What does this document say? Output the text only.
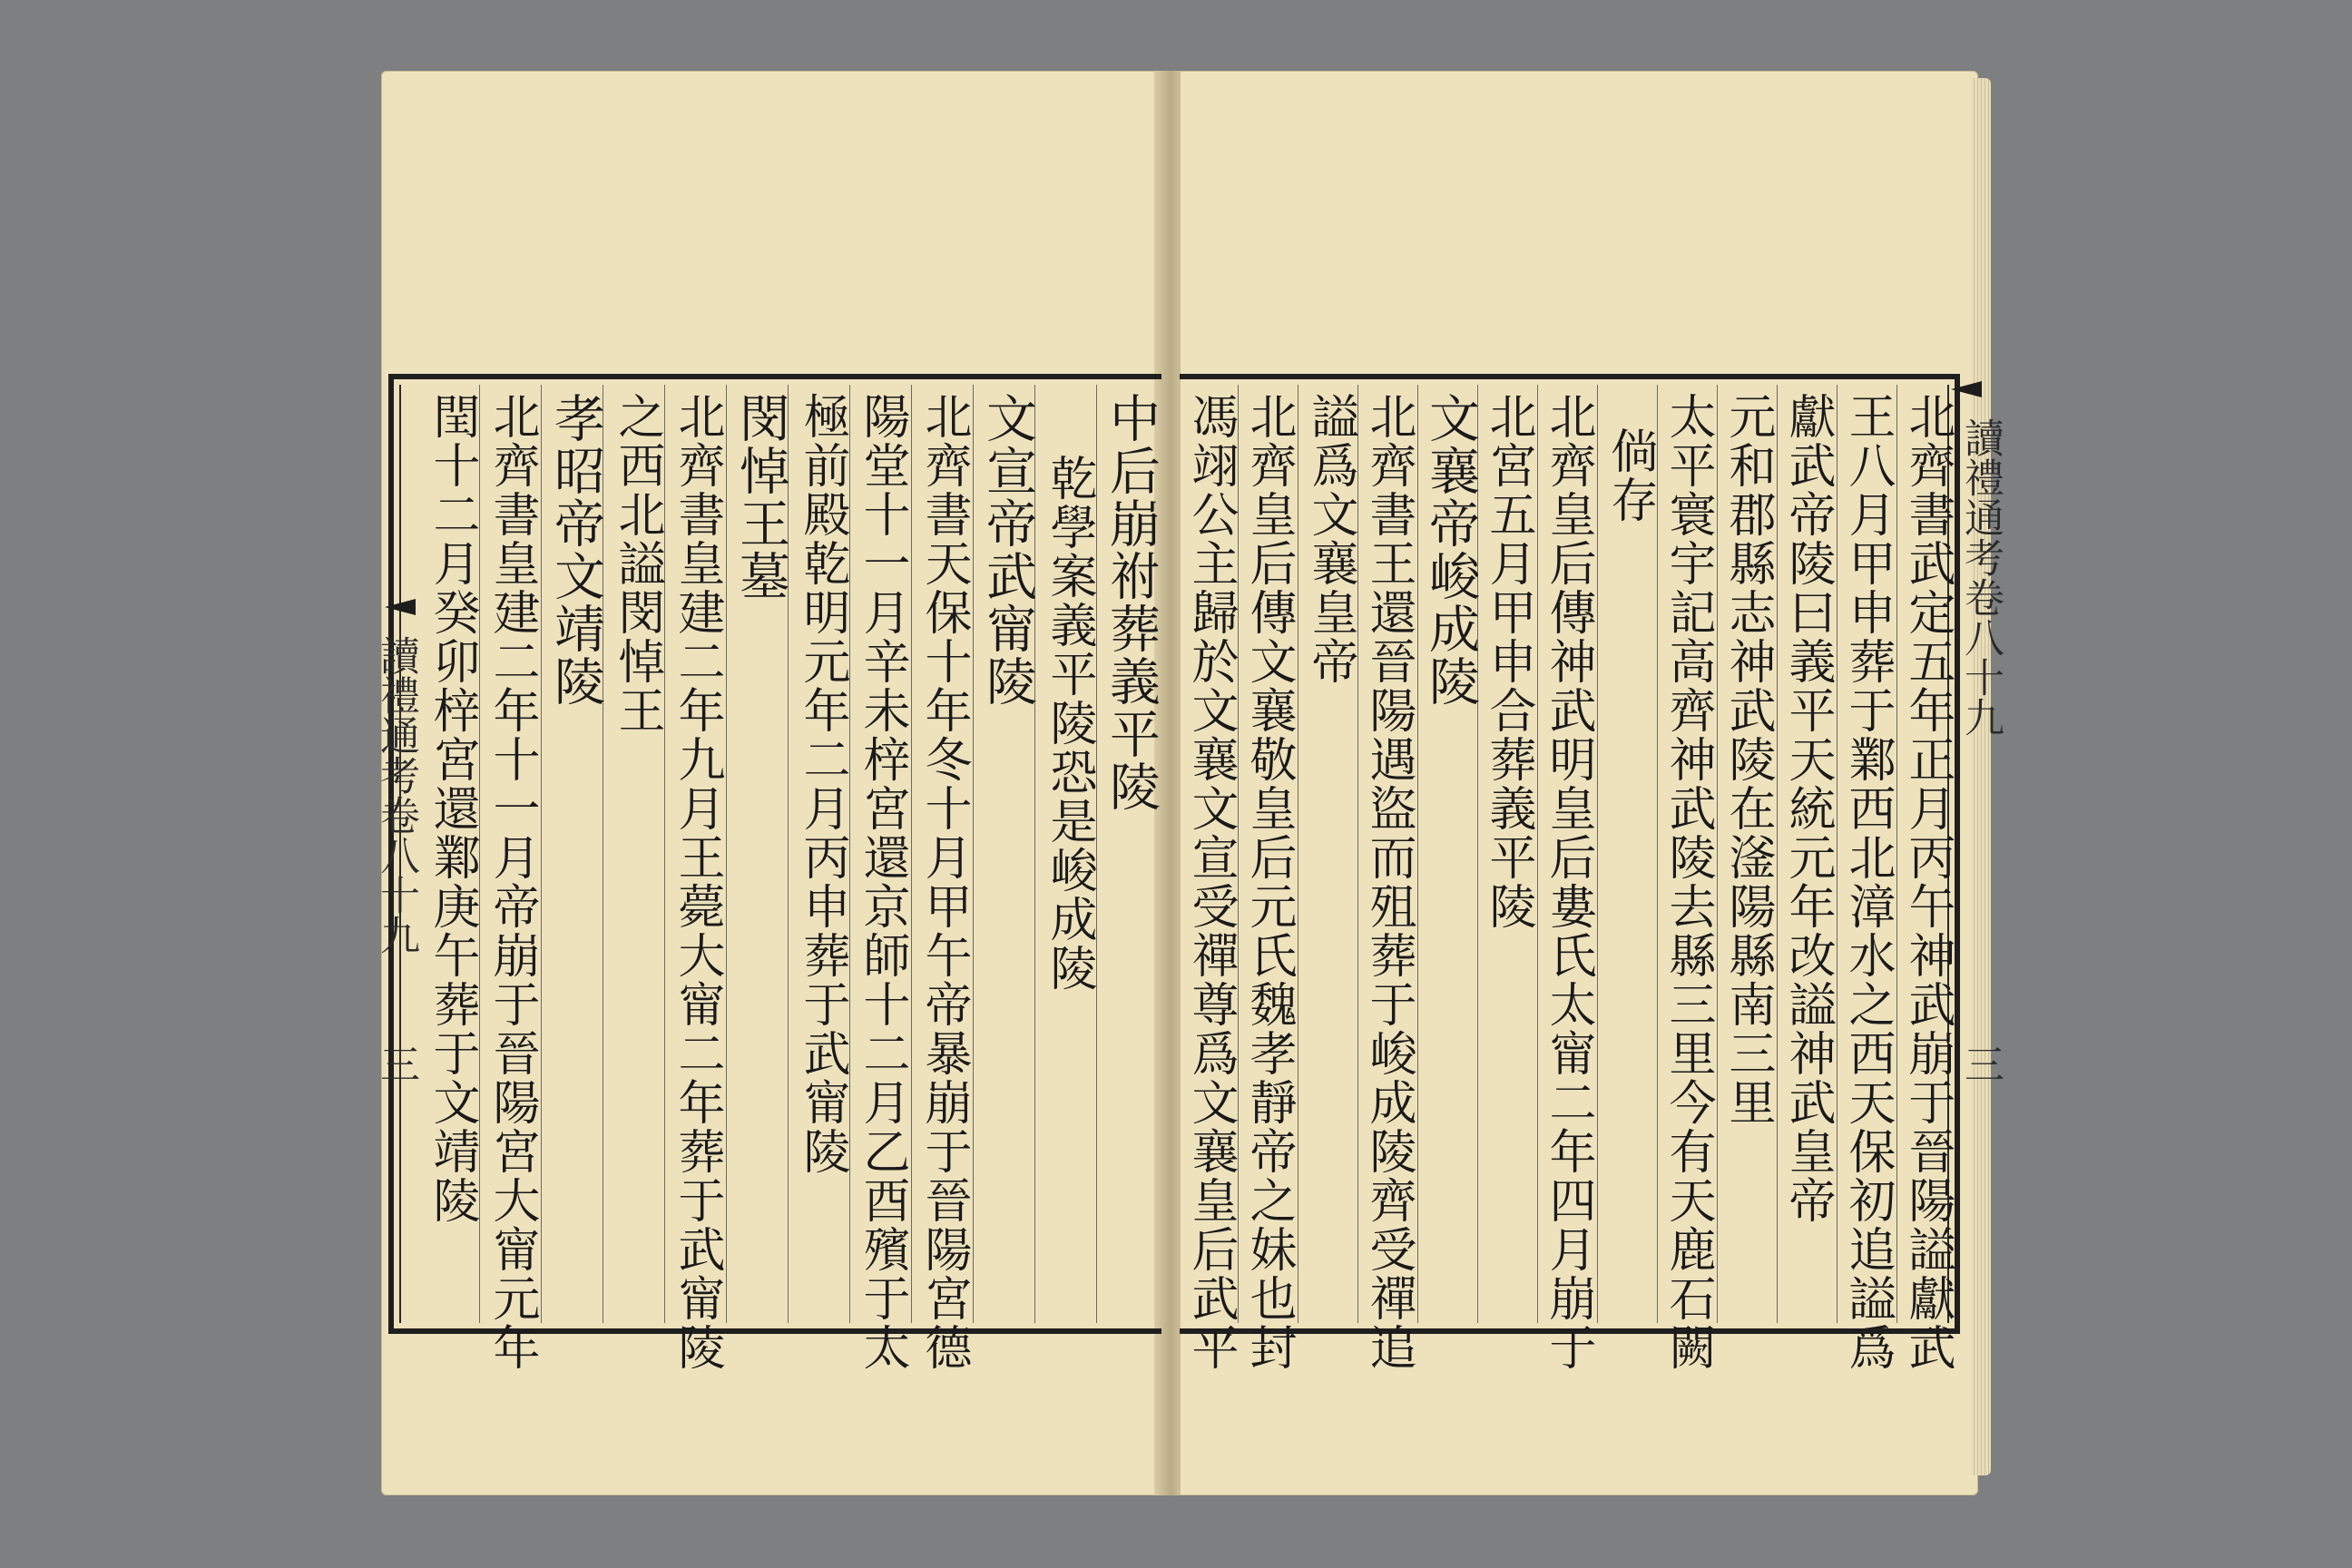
中后崩祔葬義平陵
乾學案義平陵恐是峻成陵
文宣帝武甯陵
北齊書天保十年冬十月甲午帝暴崩于晉陽宮德
陽堂十一月辛未梓宮還京師十二月乙酉殯于太
極前殿乾明元年二月丙申葬于武甯陵
閔悼王墓
北齊書皇建二年九月王薨大甯二年葬于武甯陵
之西北謚閔悼王
孝昭帝文靖陵
北齊書皇建二年十一月帝崩于晉陽宮大甯元年
閏十二月癸卯梓宮還鄴庚午葬于文靖陵
讀禮通考卷八十九
三	北齊書武定五年正月丙午神武崩于晉陽謚獻武
王八月甲申葬于鄴西北漳水之西天保初追謚爲
獻武帝陵曰義平天統元年改謚神武皇帝
元和郡縣志神武陵在滏陽縣南三里
太平寰宇記高齊神武陵去縣三里今有天鹿石闕
倘存
北齊皇后傳神武明皇后婁氏太甯二年四月崩于
北宮五月甲申合葬義平陵
文襄帝峻成陵
北齊書王還晉陽遇盜而殂葬于峻成陵齊受禪追
謚爲文襄皇帝
北齊皇后傳文襄敬皇后元氏魏孝靜帝之妹也封
馮翊公主歸於文襄文宣受禪尊爲文襄皇后武平	讀禮通考卷八十九
三
